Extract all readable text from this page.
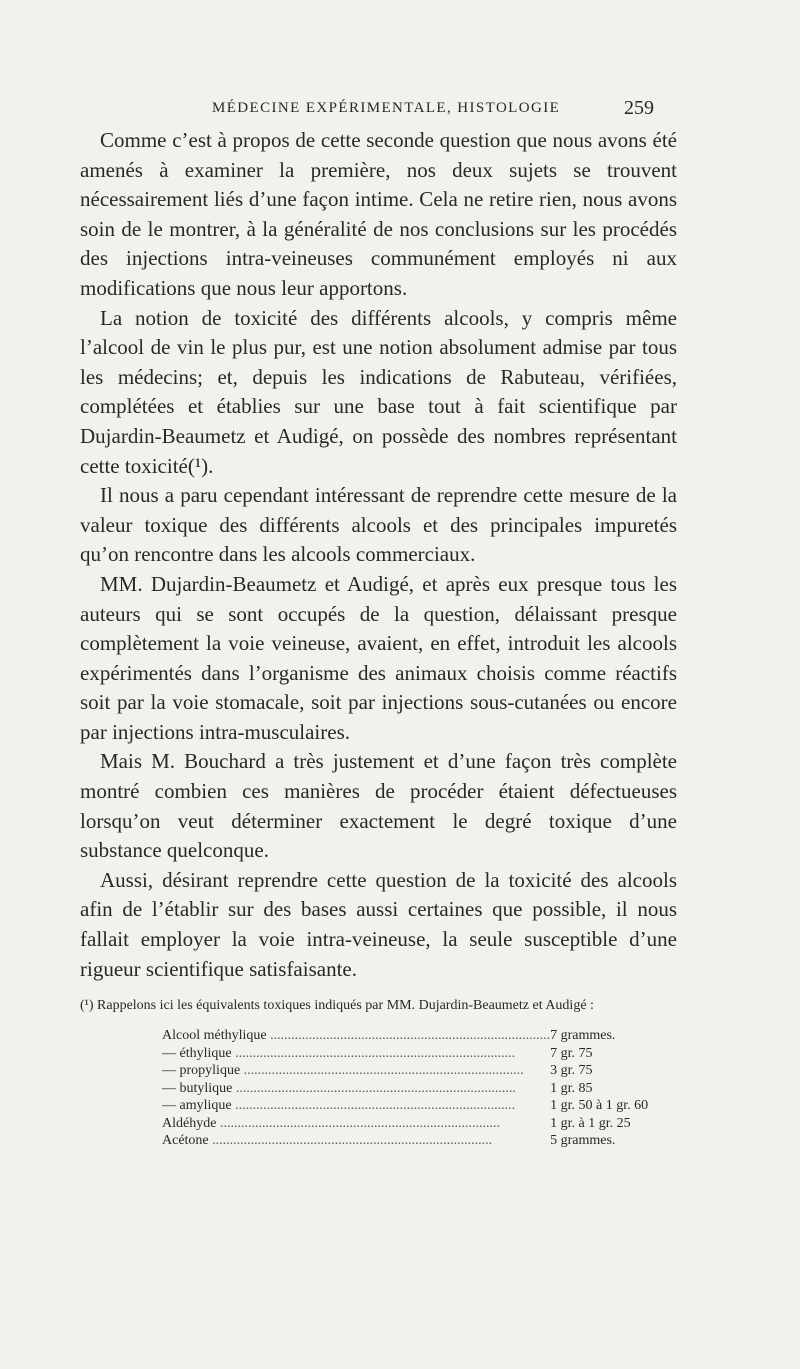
MÉDECINE EXPÉRIMENTALE, HISTOLOGIE	259

Comme c’est à propos de cette seconde question que nous avons été amenés à examiner la première, nos deux sujets se trouvent nécessairement liés d’une façon intime. Cela ne retire rien, nous avons soin de le montrer, à la généralité de nos conclusions sur les procédés des injections intra-veineuses communément employés ni aux modifications que nous leur apportons.

La notion de toxicité des différents alcools, y compris même l’alcool de vin le plus pur, est une notion absolument admise par tous les médecins; et, depuis les indications de Rabuteau, vérifiées, complétées et établies sur une base tout à fait scientifique par Dujardin-Beaumetz et Audigé, on possède des nombres représentant cette toxicité(¹).

Il nous a paru cependant intéressant de reprendre cette mesure de la valeur toxique des différents alcools et des principales impuretés qu’on rencontre dans les alcools commerciaux.

MM. Dujardin-Beaumetz et Audigé, et après eux presque tous les auteurs qui se sont occupés de la question, délaissant presque complètement la voie veineuse, avaient, en effet, introduit les alcools expérimentés dans l’organisme des animaux choisis comme réactifs soit par la voie stomacale, soit par injections sous-cutanées ou encore par injections intra-musculaires.

Mais M. Bouchard a très justement et d’une façon très complète montré combien ces manières de procéder étaient défectueuses lorsqu’on veut déterminer exactement le degré toxique d’une substance quelconque.

Aussi, désirant reprendre cette question de la toxicité des alcools afin de l’établir sur des bases aussi certaines que possible, il nous fallait employer la voie intra-veineuse, la seule susceptible d’une rigueur scientifique satisfaisante.

(¹) Rappelons ici les équivalents toxiques indiqués par MM. Dujardin-Beaumetz et Audigé :

Alcool méthylique ................................................................................	7 grammes.
— éthylique ................................................................................	7 gr. 75
— propylique ................................................................................	3 gr. 75
— butylique ................................................................................	1 gr. 85
— amylique ................................................................................	1 gr. 50 à 1 gr. 60
Aldéhyde ................................................................................	1 gr. à 1 gr. 25
Acétone ................................................................................	5 grammes.
